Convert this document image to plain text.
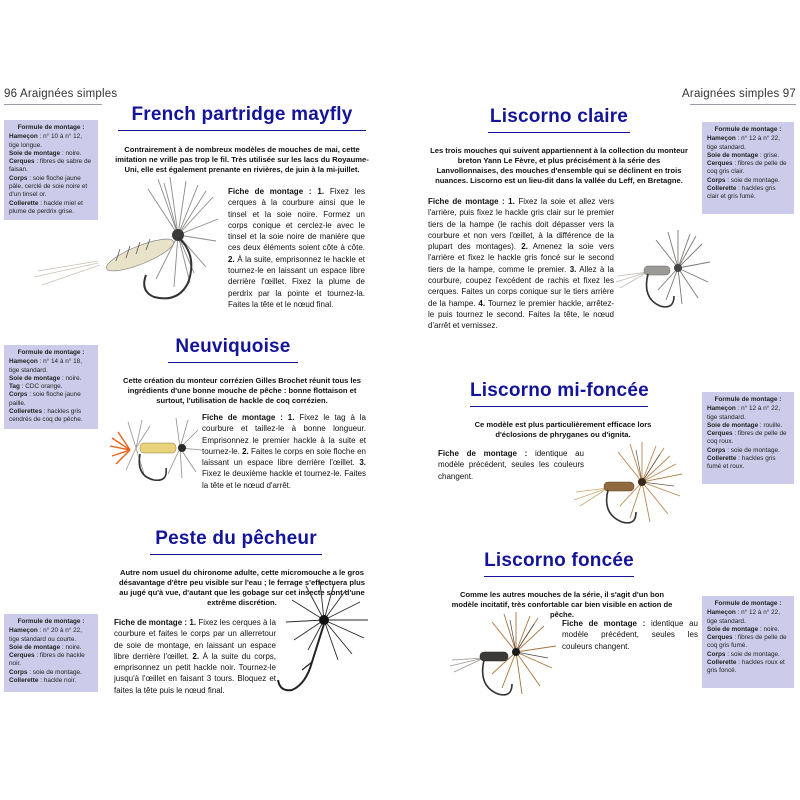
96 Araignées simples
French partridge mayfly
Contrairement à de nombreux modèles de mouches de mai, cette imitation ne vrille pas trop le fil. Très utilisée sur les lacs du Royaume-Uni, elle est également prenante en rivières, de juin à la mi-juillet.
Fiche de montage : 1. Fixez les cerques à la courbure ainsi que le tinsel et la soie noire. Formez un corps conique et cerclez-le avec le tinsel et la soie noire de manière que ces deux éléments soient côte à côte. 2. À la suite, emprisonnez le hackle et tournez-le en laissant un espace libre derrière l'œillet. Fixez la plume de perdrix par la pointe et tournez-la. Faites la tête et le nœud final.
Formule de montage :
Hameçon : n° 10 à n° 12, tige longue.
Soie de montage : noire.
Cerques : fibres de sabre de faisan.
Corps : soie floche jaune pâle, cerclé de soie noire et d'un tinsel or.
Collerette : hackle miel et plume de perdrix grise.
Neuviquoise
Cette création du monteur corrézien Gilles Brochet réunit tous les ingrédients d'une bonne mouche de pêche : bonne flottaison et surtout, l'utilisation de hackle de coq corrézien.
Fiche de montage : 1. Fixez le tag à la courbure et taillez-le à bonne longueur. Emprisonnez le premier hackle à la suite et tournez-le. 2. Faites le corps en soie floche en laissant un espace libre derrière l'œillet. 3. Fixez le deuxième hackle et tournez-le. Faites la tête et le nœud d'arrêt.
Formule de montage :
Hameçon : n° 14 à n° 18, tige standard.
Soie de montage : noire.
Tag : CDC orange.
Corps : soie floche jaune paille.
Collerettes : hackles gris cendrés de coq de pêche.
Peste du pêcheur
Autre nom usuel du chironome adulte, cette micromouche a le gros désavantage d'être peu visible sur l'eau ; le ferrage s'effectuera plus au jugé qu'à vue, d'autant que les gobage sur cet insecte sont d'une extrême discrétion.
Fiche de montage : 1. Fixez les cerques à la courbure et faites le corps par un allerretour de soie de montage, en laissant un espace libre derrière l'œillet. 2. À la suite du corps, emprisonnez un petit hackle noir. Tournez-le jusqu'à l'œillet en faisant 3 tours. Bloquez et faites la tête puis le nœud final.
Formule de montage :
Hameçon : n° 20 à n° 22, tige standard ou courte.
Soie de montage : noire.
Cerques : fibres de hackle noir.
Corps : soie de montage.
Collerette : hackle noir.
Araignées simples 97
Liscorno claire
Les trois mouches qui suivent appartiennent à la collection du monteur breton Yann Le Fèvre, et plus précisément à la série des Lanvollonnaises, des mouches d'ensemble qui se déclinent en trois nuances. Liscorno est un lieu-dit dans la vallée du Leff, en Bretagne.
Fiche de montage : 1. Fixez la soie et allez vers l'arrière, puis fixez le hackle gris clair sur le premier tiers de la hampe (le rachis doit dépasser vers la courbure et non vers l'œillet, à la différence de la plupart des montages). 2. Amenez la soie vers l'arrière et fixez le hackle gris foncé sur le second tiers de la hampe, comme le premier. 3. Allez à la courbure, coupez l'excédent de rachis et fixez les cerques. Faites un corps conique sur le tiers arrière de la hampe. 4. Tournez le premier hackle, arrêtez-le puis tournez le second. Faites la tête, le nœud d'arrêt et vernissez.
Formule de montage :
Hameçon : n° 12 à n° 22, tige standard.
Soie de montage : grise.
Cerques : fibres de pelle de coq gris clair.
Corps : soie de montage.
Collerette : hackles gris clair et gris fumé.
Liscorno mi-foncée
Ce modèle est plus particulièrement efficace lors d'éclosions de phryganes ou d'ignita.
Fiche de montage : identique au modèle précédent, seules les couleurs changent.
Formule de montage :
Hameçon : n° 12 à n° 22, tige standard.
Soie de montage : rouille.
Cerques : fibres de pelle de coq roux.
Corps : soie de montage.
Collerette : hackles gris fumé et roux.
Liscorno foncée
Comme les autres mouches de la série, il s'agit d'un bon modèle incitatif, très confortable car bien visible en action de pêche.
Fiche de montage : identique au modèle précédent, seules les couleurs changent.
Formule de montage :
Hameçon : n° 12 à n° 22, tige standard.
Soie de montage : noire.
Cerques : fibres de pelle de coq gris fumé.
Corps : soie de montage.
Collerette : hackles roux et gris foncé.
